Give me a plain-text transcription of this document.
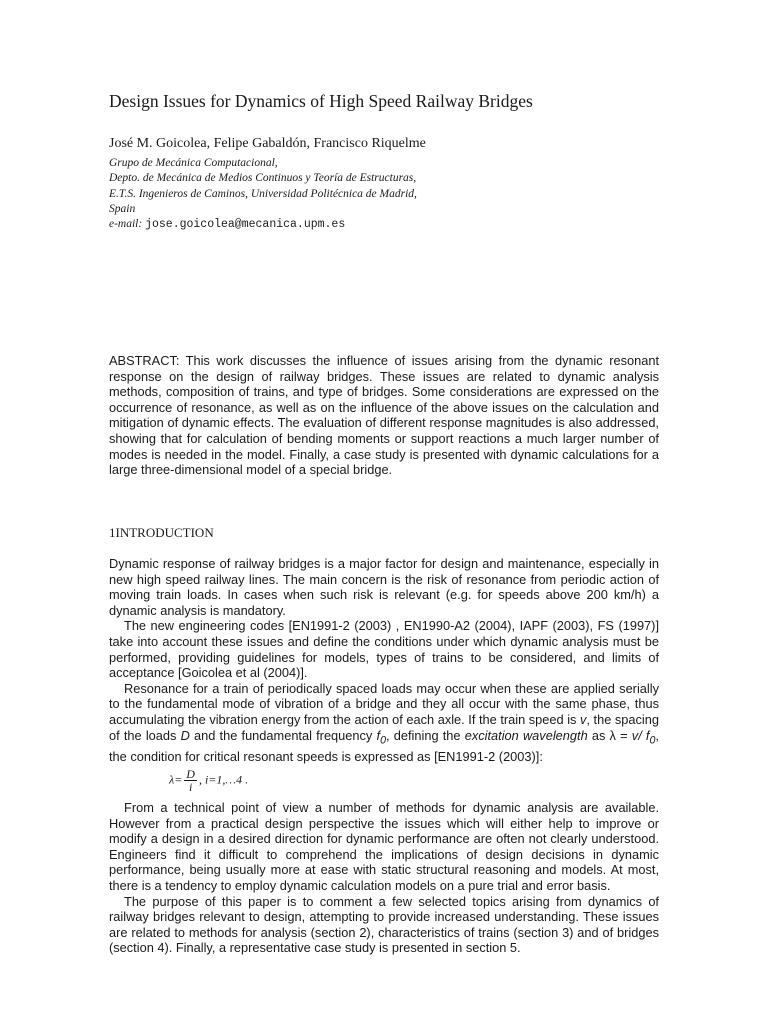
Design Issues for Dynamics of High Speed Railway Bridges
José M. Goicolea, Felipe Gabaldón, Francisco Riquelme
Grupo de Mecánica Computacional,
Depto. de Mecánica de Medios Continuos y Teoría de Estructuras,
E.T.S. Ingenieros de Caminos, Universidad Politécnica de Madrid,
Spain
e-mail: jose.goicolea@mecanica.upm.es

ABSTRACT: This work discusses the influence of issues arising from the dynamic resonant response on the design of railway bridges. These issues are related to dynamic analysis methods, composition of trains, and type of bridges. Some considerations are expressed on the occurrence of resonance, as well as on the influence of the above issues on the calculation and mitigation of dynamic effects. The evaluation of different response magnitudes is also addressed, showing that for calculation of bending moments or support reactions a much larger number of modes is needed in the model. Finally, a case study is presented with dynamic calculations for a large three-dimensional model of a special bridge.

1INTRODUCTION

Dynamic response of railway bridges is a major factor for design and maintenance, especially in new high speed railway lines. The main concern is the risk of resonance from periodic action of moving train loads. In cases when such risk is relevant (e.g. for speeds above 200 km/h) a dynamic analysis is mandatory.

The new engineering codes [EN1991-2 (2003) , EN1990-A2 (2004), IAPF (2003), FS (1997)] take into account these issues and define the conditions under which dynamic analysis must be performed, providing guidelines for models, types of trains to be considered, and limits of acceptance [Goicolea et al (2004)].

Resonance for a train of periodically spaced loads may occur when these are applied serially to the fundamental mode of vibration of a bridge and they all occur with the same phase, thus accumulating the vibration energy from the action of each axle. If the train speed is v, the spacing of the loads D and the fundamental frequency $f_0$, defining the excitation wavelength as λ = v/ $f_0$, the condition for critical resonant speeds is expressed as [EN1991-2 (2003)]:

$\lambda= \frac{D}{i}$ , i=1,…4 .

From a technical point of view a number of methods for dynamic analysis are available. However from a practical design perspective the issues which will either help to improve or modify a design in a desired direction for dynamic performance are often not clearly understood. Engineers find it difficult to comprehend the implications of design decisions in dynamic performance, being usually more at ease with static structural reasoning and models. At most, there is a tendency to employ dynamic calculation models on a pure trial and error basis.

The purpose of this paper is to comment a few selected topics arising from dynamics of railway bridges relevant to design, attempting to provide increased understanding. These issues are related to methods for analysis (section 2), characteristics of trains (section 3) and of bridges (section 4). Finally, a representative case study is presented in section 5.
